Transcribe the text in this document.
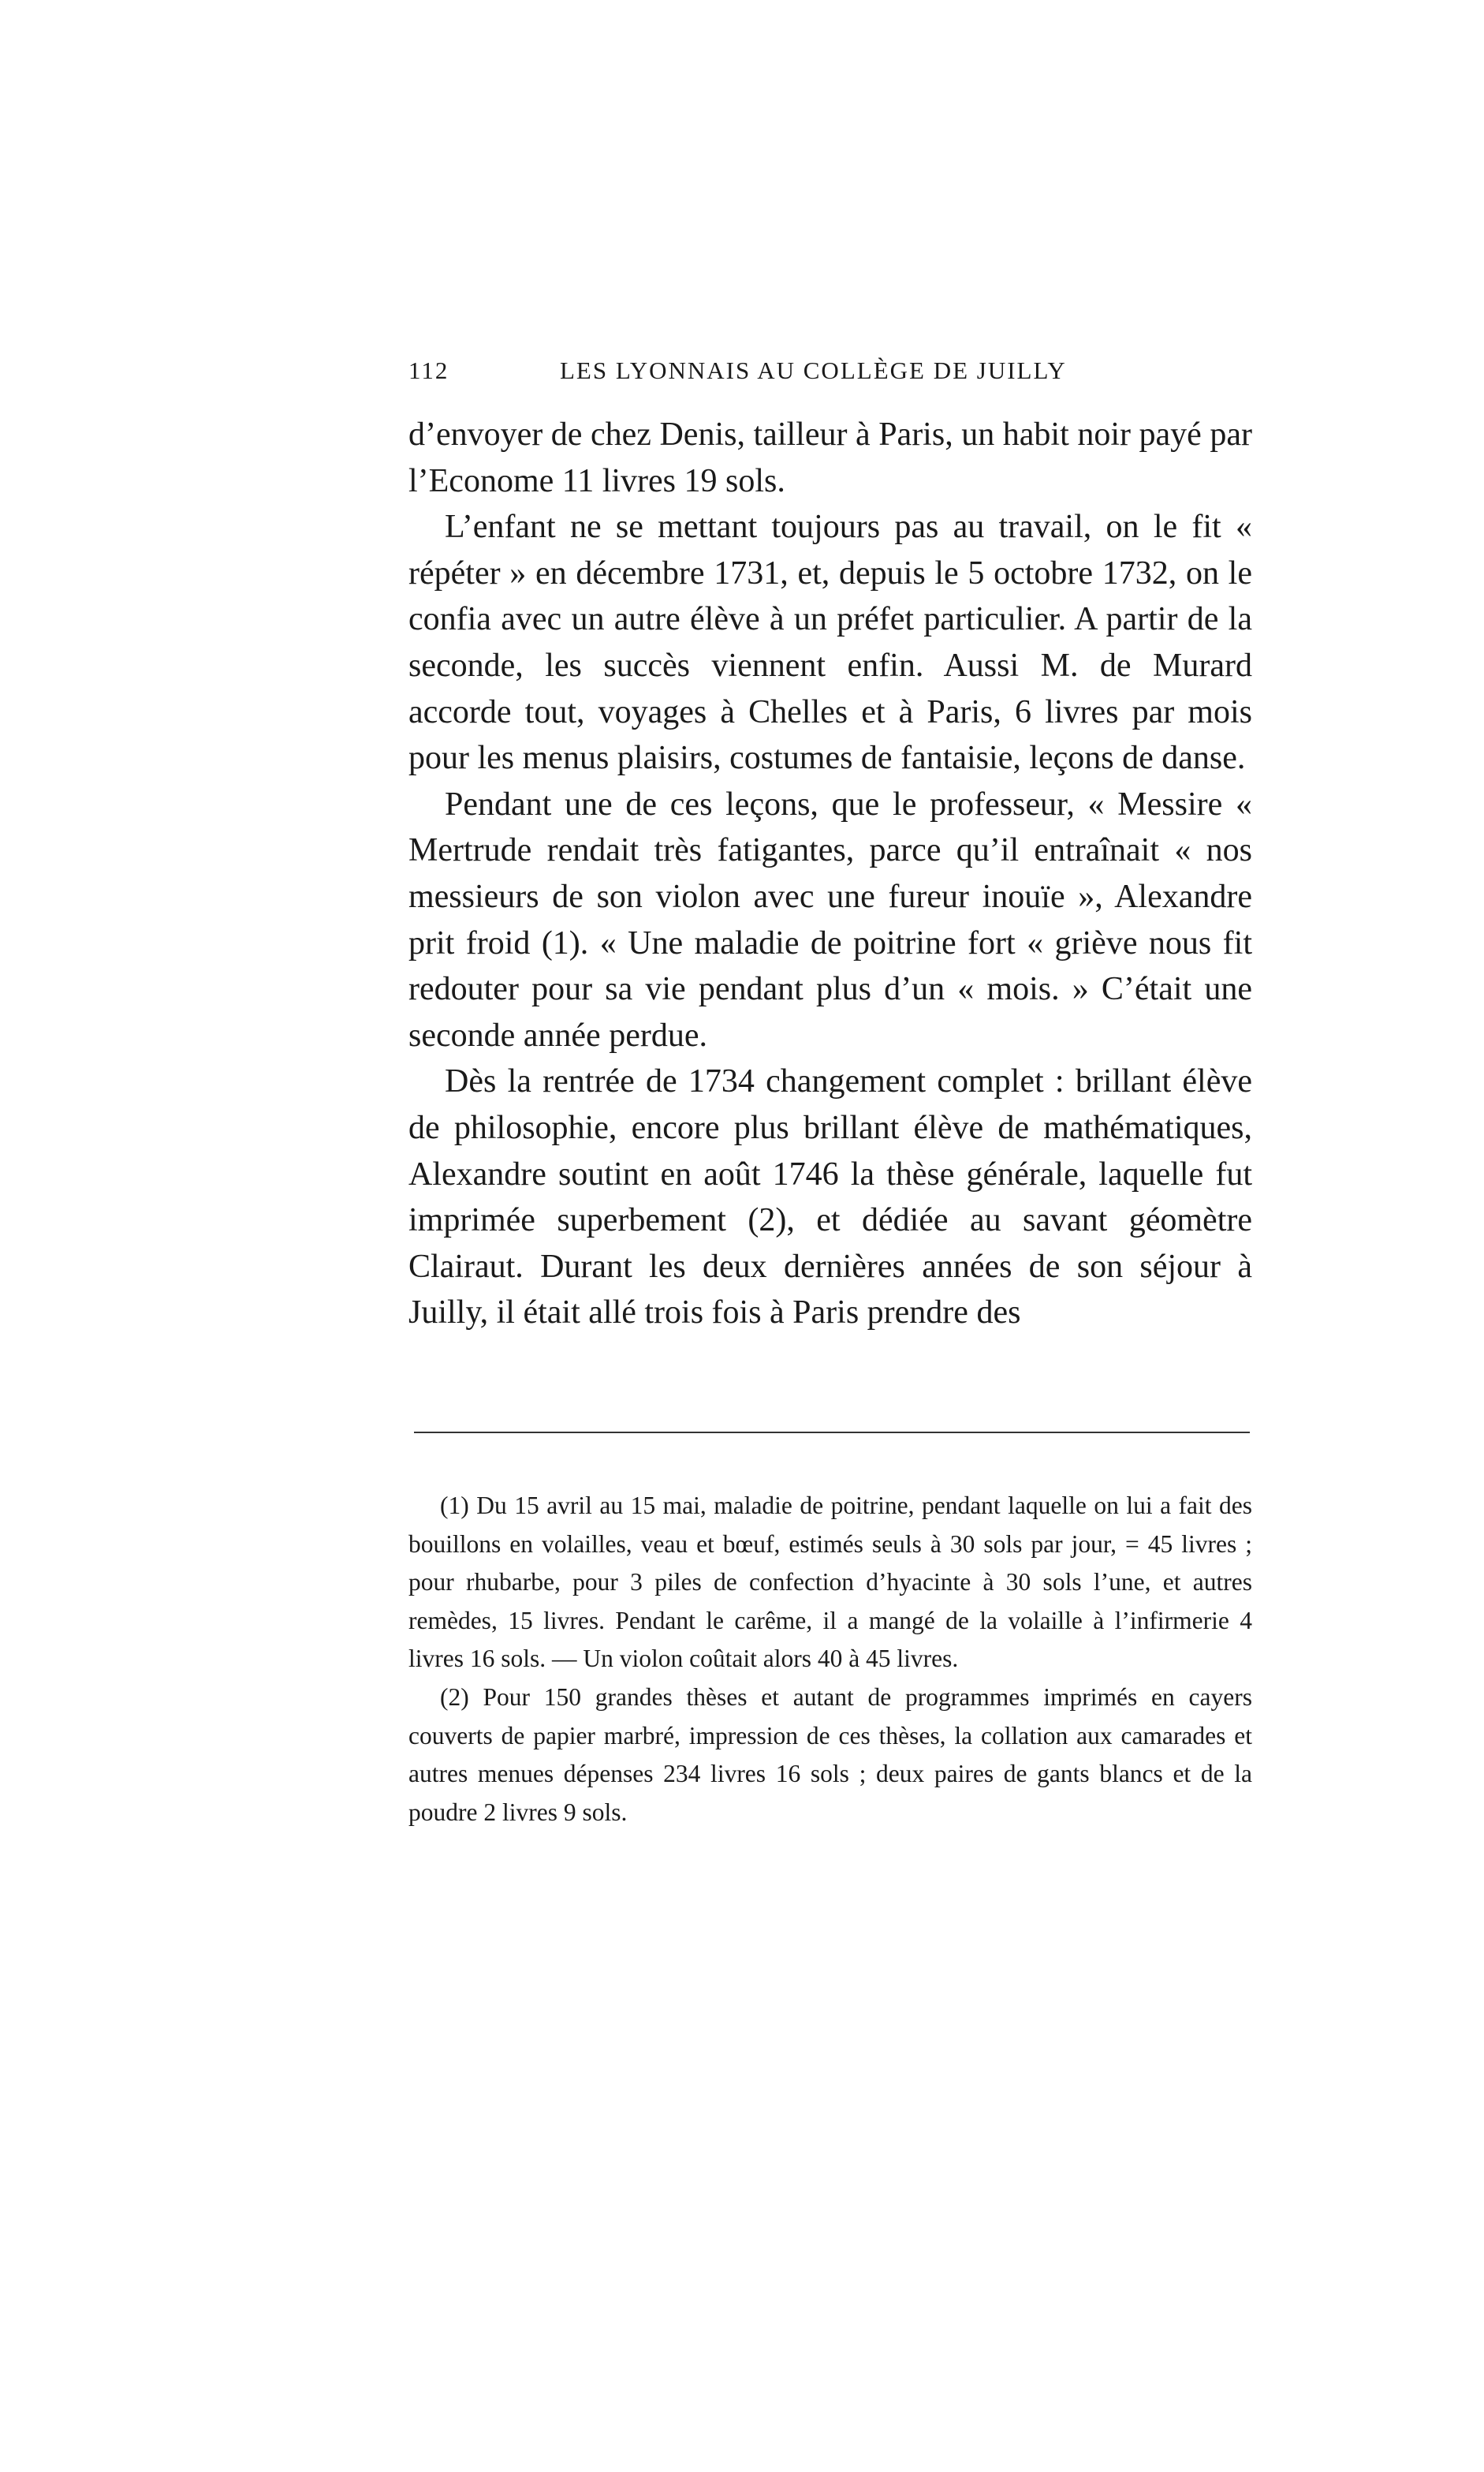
112	LES LYONNAIS AU COLLÈGE DE JUILLY

d’envoyer de chez Denis, tailleur à Paris, un habit noir payé par l’Econome 11 livres 19 sols.

L’enfant ne se mettant toujours pas au travail, on le fit « répéter » en décembre 1731, et, depuis le 5 octobre 1732, on le confia avec un autre élève à un préfet particulier. A partir de la seconde, les succès viennent enfin. Aussi M. de Murard accorde tout, voyages à Chelles et à Paris, 6 livres par mois pour les menus plaisirs, costumes de fantaisie, leçons de danse.

Pendant une de ces leçons, que le professeur, « Messire « Mertrude rendait très fatigantes, parce qu’il entraînait « nos messieurs de son violon avec une fureur inouïe », Alexandre prit froid (1). « Une maladie de poitrine fort « griève nous fit redouter pour sa vie pendant plus d’un « mois. » C’était une seconde année perdue.

Dès la rentrée de 1734 changement complet : brillant élève de philosophie, encore plus brillant élève de mathématiques, Alexandre soutint en août 1746 la thèse générale, laquelle fut imprimée superbement (2), et dédiée au savant géomètre Clairaut. Durant les deux dernières années de son séjour à Juilly, il était allé trois fois à Paris prendre des

(1) Du 15 avril au 15 mai, maladie de poitrine, pendant laquelle on lui a fait des bouillons en volailles, veau et bœuf, estimés seuls à 30 sols par jour, = 45 livres ; pour rhubarbe, pour 3 piles de confection d’hyacinte à 30 sols l’une, et autres remèdes, 15 livres. Pendant le carême, il a mangé de la volaille à l’infirmerie 4 livres 16 sols. — Un violon coûtait alors 40 à 45 livres.

(2) Pour 150 grandes thèses et autant de programmes imprimés en cayers couverts de papier marbré, impression de ces thèses, la collation aux camarades et autres menues dépenses 234 livres 16 sols ; deux paires de gants blancs et de la poudre 2 livres 9 sols.
